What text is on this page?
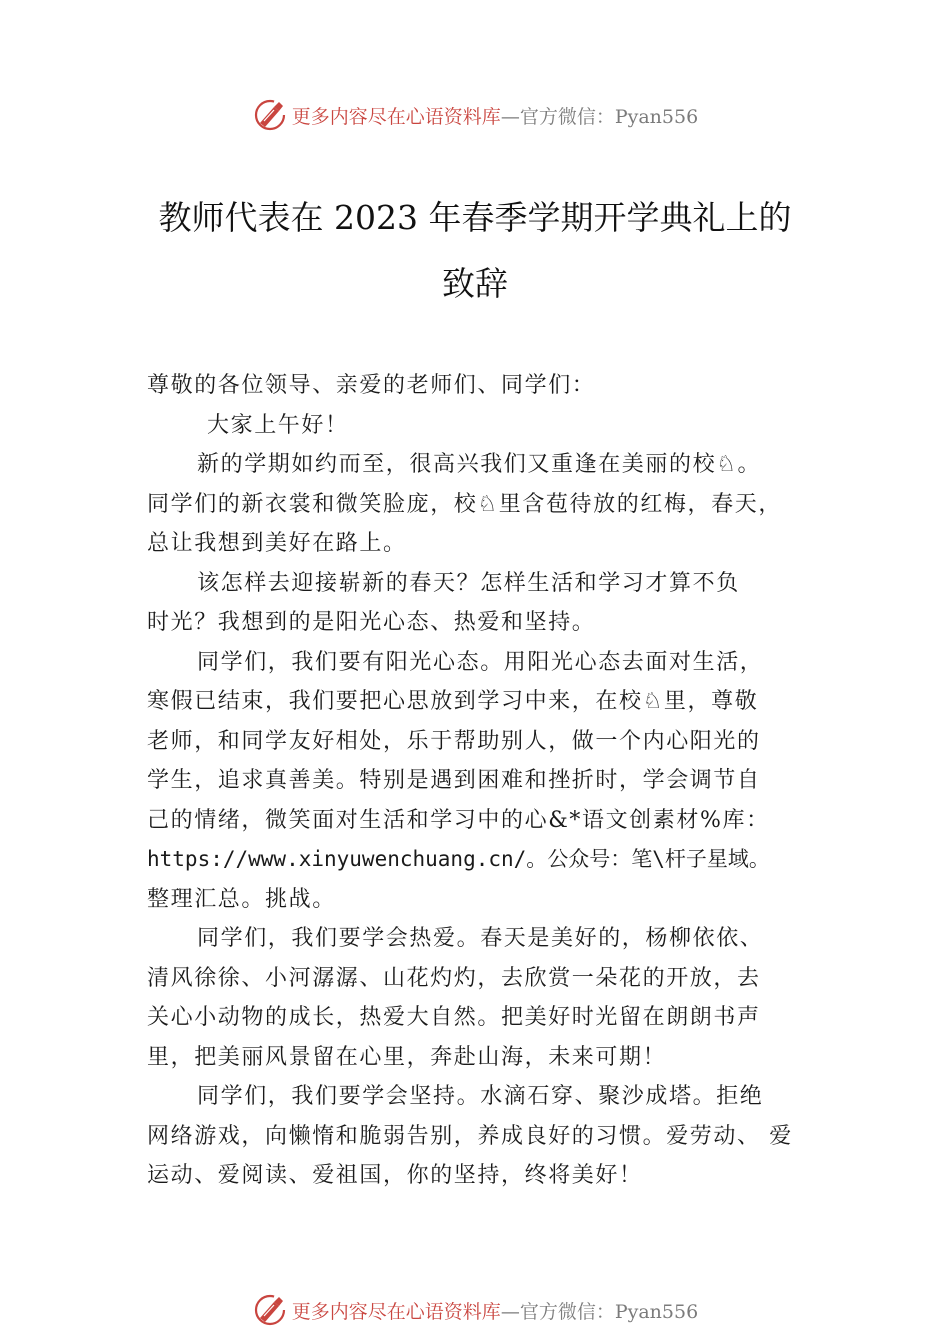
更多内容尽在心语资料库—官方微信：Pyan556
教师代表在 2023 年春季学期开学典礼上的
致辞
尊敬的各位领导、亲爱的老师们、同学们：
大家上午好！
新的学期如约而至，很高兴我们又重逢在美丽的校♘。
同学们的新衣裳和微笑脸庞，校♘里含苞待放的红梅，春天，
总让我想到美好在路上。
该怎样去迎接崭新的春天？怎样生活和学习才算不负
时光？我想到的是阳光心态、热爱和坚持。
同学们，我们要有阳光心态。用阳光心态去面对生活，
寒假已结束，我们要把心思放到学习中来，在校♘里，尊敬
老师，和同学友好相处，乐于帮助别人，做一个内心阳光的
学生，追求真善美。特别是遇到困难和挫折时，学会调节自
己的情绪，微笑面对生活和学习中的心&*语文创素材%库：
https://www.xinyuwenchuang.cn/。公众号：笔\杆子星域。
整理汇总。挑战。
同学们，我们要学会热爱。春天是美好的，杨柳依依、
清风徐徐、小河潺潺、山花灼灼，去欣赏一朵花的开放，去
关心小动物的成长，热爱大自然。把美好时光留在朗朗书声
里，把美丽风景留在心里，奔赴山海，未来可期！
同学们，我们要学会坚持。水滴石穿、聚沙成塔。拒绝
网络游戏，向懒惰和脆弱告别，养成良好的习惯。爱劳动、 爱
运动、爱阅读、爱祖国，你的坚持，终将美好！
更多内容尽在心语资料库—官方微信：Pyan556
